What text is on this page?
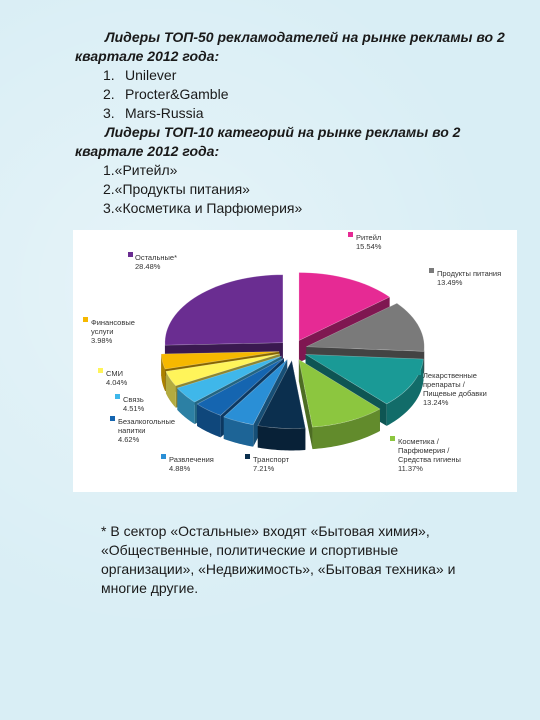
Лидеры ТОП-50 рекламодателей на рынке рекламы во 2 квартале 2012 года:

1. Unilever
2. Procter&Gamble
3. Mars-Russia

Лидеры ТОП-10 категорий на рынке рекламы во 2 квартале 2012 года:

1.«Ритейл»
2.«Продукты питания»
3.«Косметика и Парфюмерия»
Ритейл
15.54%
Продукты питания
13.49%
Лекарственные
препараты /
Пищевые добавки
13.24%
Косметика /
Парфюмерия /
Средства гигиены
11.37%
Транспорт
7.21%
Развлечения
4.88%
Безалкогольные
напитки
4.62%
Связь
4.51%
СМИ
4.04%
Финансовые
услуги
3.98%
Остальные*
28.48%
* В сектор «Остальные» входят «Бытовая химия», «Общественные, политические и спортивные организации», «Недвижимость», «Бытовая техника» и многие другие.
